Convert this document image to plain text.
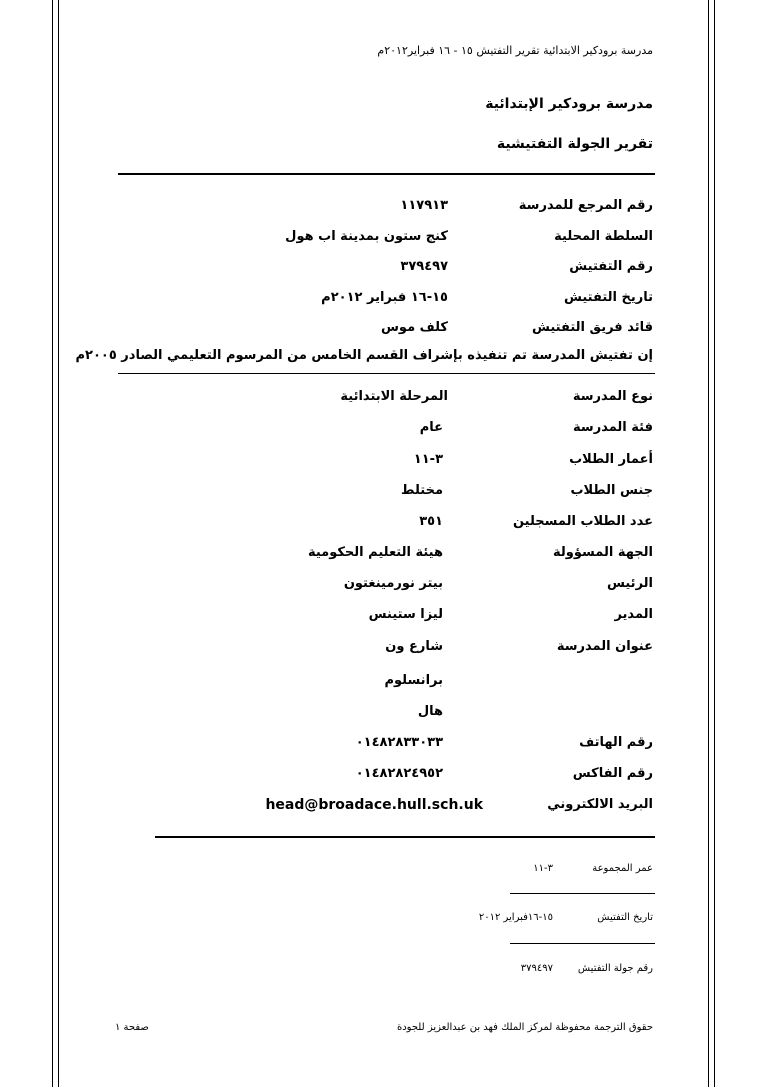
مدرسة برودكير الابتدائية تقرير التفتيش ١٥ - ١٦ فبراير٢٠١٢م
مدرسة برودكير الإبتدائية
تقرير الجولة التفتيشية
رقم المرجع للمدرسة
١١٧٩١٣
السلطة المحلية
كنج ستون بمدينة اب هول
رقم التفتيش
٣٧٩٤٩٧
تاريخ التفتيش
١٥-١٦ فبراير ٢٠١٢م
قائد فريق التفتيش
كلف موس
إن تفتيش المدرسة تم تنفيذه بإشراف القسم الخامس من المرسوم التعليمي الصادر ٢٠٠٥م
نوع المدرسة
المرحلة الابتدائية
فئة المدرسة
عام
أعمار الطلاب
٣-١١
جنس الطلاب
مختلط
عدد الطلاب المسجلين
٣٥١
الجهة المسؤولة
هيئة التعليم الحكومية
الرئيس
بيتر نورمينغتون
المدير
ليزا ستينس
عنوان المدرسة
شارع ون
برانسلوم
هال
رقم الهاتف
٠١٤٨٢٨٣٣٠٣٣
رقم الفاكس
٠١٤٨٢٨٢٤٩٥٢
البريد الالكتروني
head@broadace.hull.sch.uk
عمر المجموعة
٣-١١
تاريخ التفتيش
١٥-١٦فبراير ٢٠١٢
رقم جولة التفتيش
٣٧٩٤٩٧
حقوق الترجمة محفوظة لمركز الملك فهد بن عبدالعزيز للجودة
صفحة ١
